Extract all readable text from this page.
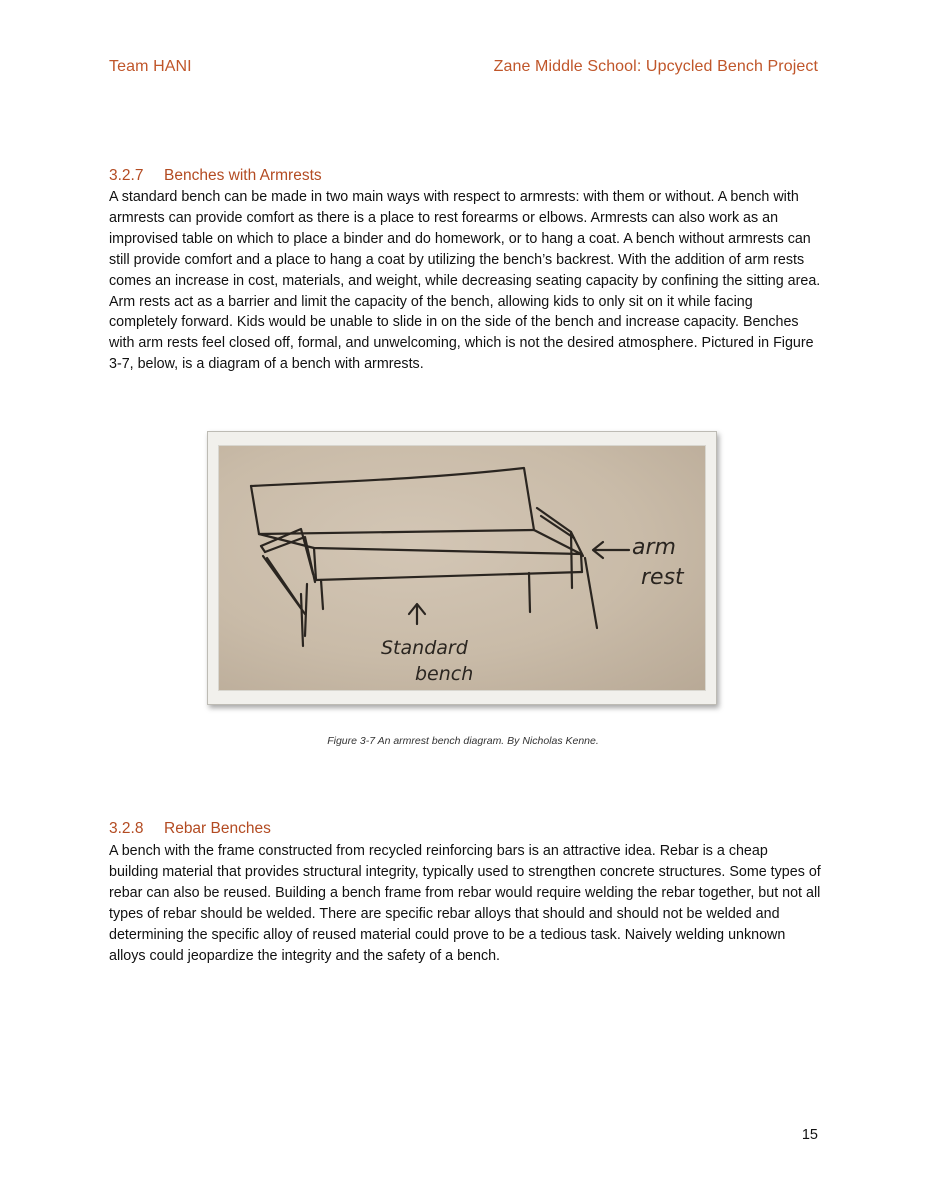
Team HANI	Zane Middle School: Upcycled Bench Project
3.2.7 Benches with Armrests

A standard bench can be made in two main ways with respect to armrests: with them or without. A bench with armrests can provide comfort as there is a place to rest forearms or elbows. Armrests can also work as an improvised table on which to place a binder and do homework, or to hang a coat. A bench without armrests can still provide comfort and a place to hang a coat by utilizing the bench’s backrest. With the addition of arm rests comes an increase in cost, materials, and weight, while decreasing seating capacity by confining the sitting area. Arm rests act as a barrier and limit the capacity of the bench, allowing kids to only sit on it while facing completely forward. Kids would be unable to slide in on the side of the bench and increase capacity. Benches with arm rests feel closed off, formal, and unwelcoming, which is not the desired atmosphere. Pictured in Figure 3-7, below, is a diagram of a bench with armrests.

arm
rest
Standard
bench
Figure 3-7 An armrest bench diagram. By Nicholas Kenne.
3.2.8 Rebar Benches

A bench with the frame constructed from recycled reinforcing bars is an attractive idea. Rebar is a cheap building material that provides structural integrity, typically used to strengthen concrete structures. Some types of rebar can also be reused. Building a bench frame from rebar would require welding the rebar together, but not all types of rebar should be welded. There are specific rebar alloys that should and should not be welded and determining the specific alloy of reused material could prove to be a tedious task. Naively welding unknown alloys could jeopardize the integrity and the safety of a bench.

15
